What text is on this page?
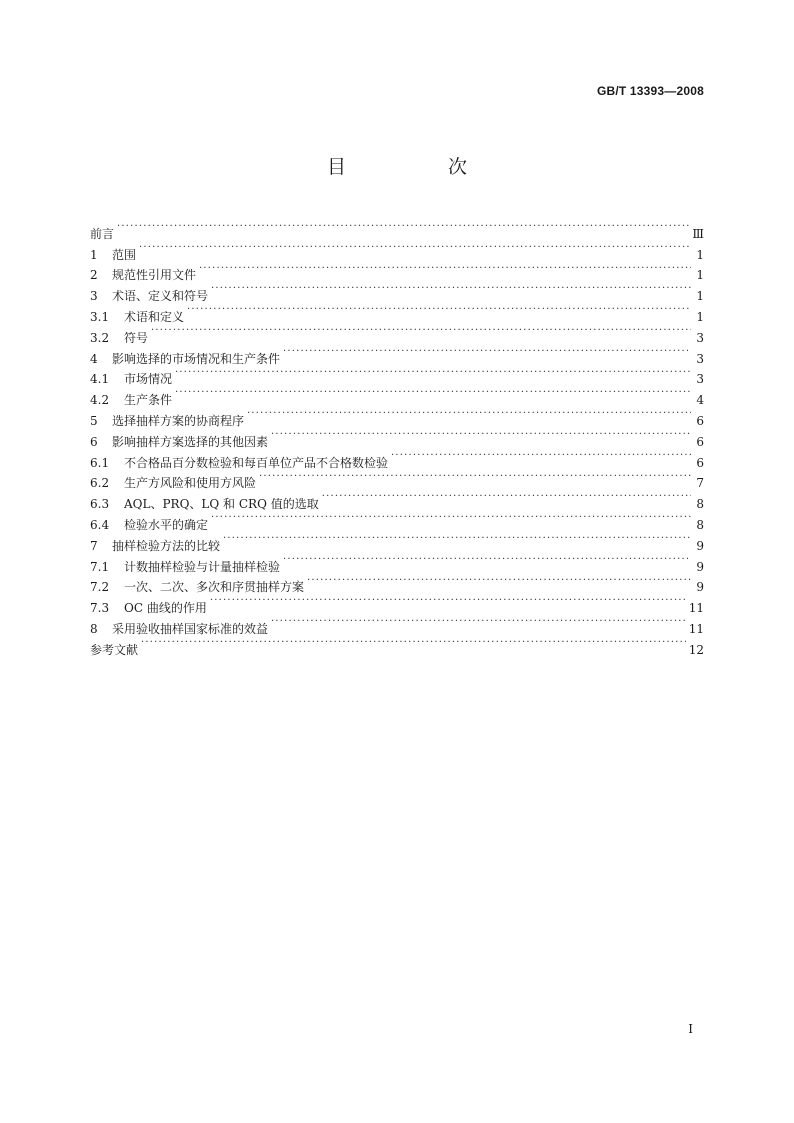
GB/T 13393—2008
目 次
前言 ·····	Ⅲ
1	范围 ·····	1
2	规范性引用文件 ·····	1
3	术语、定义和符号 ·····	1
3.1	术语和定义 ·····	1
3.2	符号 ·····	3
4	影响选择的市场情况和生产条件 ·····	3
4.1	市场情况 ·····	3
4.2	生产条件 ·····	4
5	选择抽样方案的协商程序 ·····	6
6	影响抽样方案选择的其他因素 ·····	6
6.1	不合格品百分数检验和每百单位产品不合格数检验 ·····	6
6.2	生产方风险和使用方风险 ·····	7
6.3	AQL、PRQ、LQ 和 CRQ 值的选取 ·····	8
6.4	检验水平的确定 ·····	8
7	抽样检验方法的比较 ·····	9
7.1	计数抽样检验与计量抽样检验 ·····	9
7.2	一次、二次、多次和序贯抽样方案 ·····	9
7.3	OC 曲线的作用 ·····	11
8	采用验收抽样国家标准的效益 ·····	11
参考文献 ·····	12
I
